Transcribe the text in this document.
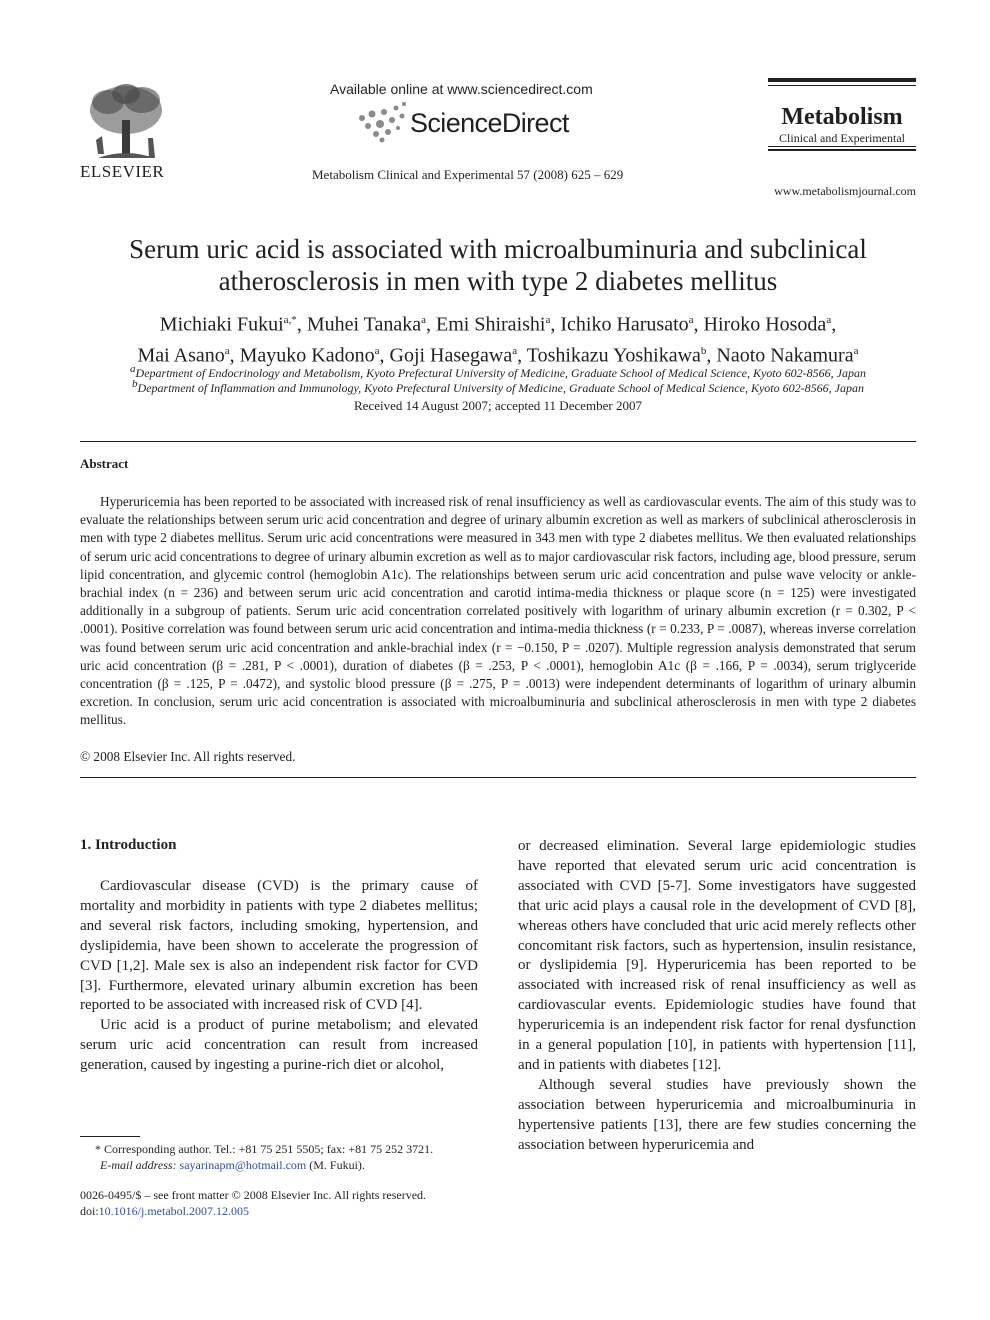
ELSEVIER
Available online at www.sciencedirect.com
ScienceDirect
Metabolism Clinical and Experimental 57 (2008) 625 – 629
Metabolism
Clinical and Experimental
www.metabolismjournal.com
Serum uric acid is associated with microalbuminuria and subclinical atherosclerosis in men with type 2 diabetes mellitus
Michiaki Fukui$^{a,*}$, Muhei Tanaka$^a$, Emi Shiraishi$^a$, Ichiko Harusato$^a$, Hiroko Hosoda$^a$,
Mai Asano$^a$, Mayuko Kadono$^a$, Goji Hasegawa$^a$, Toshikazu Yoshikawa$^b$, Naoto Nakamura$^a$
$^a$Department of Endocrinology and Metabolism, Kyoto Prefectural University of Medicine, Graduate School of Medical Science, Kyoto 602-8566, Japan
$^b$Department of Inflammation and Immunology, Kyoto Prefectural University of Medicine, Graduate School of Medical Science, Kyoto 602-8566, Japan
Received 14 August 2007; accepted 11 December 2007
Abstract

Hyperuricemia has been reported to be associated with increased risk of renal insufficiency as well as cardiovascular events. The aim of this study was to evaluate the relationships between serum uric acid concentration and degree of urinary albumin excretion as well as markers of subclinical atherosclerosis in men with type 2 diabetes mellitus. Serum uric acid concentrations were measured in 343 men with type 2 diabetes mellitus. We then evaluated relationships of serum uric acid concentrations to degree of urinary albumin excretion as well as to major cardiovascular risk factors, including age, blood pressure, serum lipid concentration, and glycemic control (hemoglobin A1c). The relationships between serum uric acid concentration and pulse wave velocity or ankle-brachial index (n = 236) and between serum uric acid concentration and carotid intima-media thickness or plaque score (n = 125) were investigated additionally in a subgroup of patients. Serum uric acid concentration correlated positively with logarithm of urinary albumin excretion (r = 0.302, P < .0001). Positive correlation was found between serum uric acid concentration and intima-media thickness (r = 0.233, P = .0087), whereas inverse correlation was found between serum uric acid concentration and ankle-brachial index (r = −0.150, P = .0207). Multiple regression analysis demonstrated that serum uric acid concentration (β = .281, P < .0001), duration of diabetes (β = .253, P < .0001), hemoglobin A1c (β = .166, P = .0034), serum triglyceride concentration (β = .125, P = .0472), and systolic blood pressure (β = .275, P = .0013) were independent determinants of logarithm of urinary albumin excretion. In conclusion, serum uric acid concentration is associated with microalbuminuria and subclinical atherosclerosis in men with type 2 diabetes mellitus.

© 2008 Elsevier Inc. All rights reserved.
1. Introduction

Cardiovascular disease (CVD) is the primary cause of mortality and morbidity in patients with type 2 diabetes mellitus; and several risk factors, including smoking, hypertension, and dyslipidemia, have been shown to accelerate the progression of CVD [1,2]. Male sex is also an independent risk factor for CVD [3]. Furthermore, elevated urinary albumin excretion has been reported to be associated with increased risk of CVD [4].

Uric acid is a product of purine metabolism; and elevated serum uric acid concentration can result from increased generation, caused by ingesting a purine-rich diet or alcohol,

or decreased elimination. Several large epidemiologic studies have reported that elevated serum uric acid concentration is associated with CVD [5-7]. Some investigators have suggested that uric acid plays a causal role in the development of CVD [8], whereas others have concluded that uric acid merely reflects other concomitant risk factors, such as hypertension, insulin resistance, or dyslipidemia [9]. Hyperuricemia has been reported to be associated with increased risk of renal insufficiency as well as cardiovascular events. Epidemiologic studies have found that hyperuricemia is an independent risk factor for renal dysfunction in a general population [10], in patients with hypertension [11], and in patients with diabetes [12].

Although several studies have previously shown the association between hyperuricemia and microalbuminuria in hypertensive patients [13], there are few studies concerning the association between hyperuricemia and

* Corresponding author. Tel.: +81 75 251 5505; fax: +81 75 252 3721.
E-mail address: sayarinapm@hotmail.com (M. Fukui).
0026-0495/$ – see front matter © 2008 Elsevier Inc. All rights reserved.
doi:10.1016/j.metabol.2007.12.005
